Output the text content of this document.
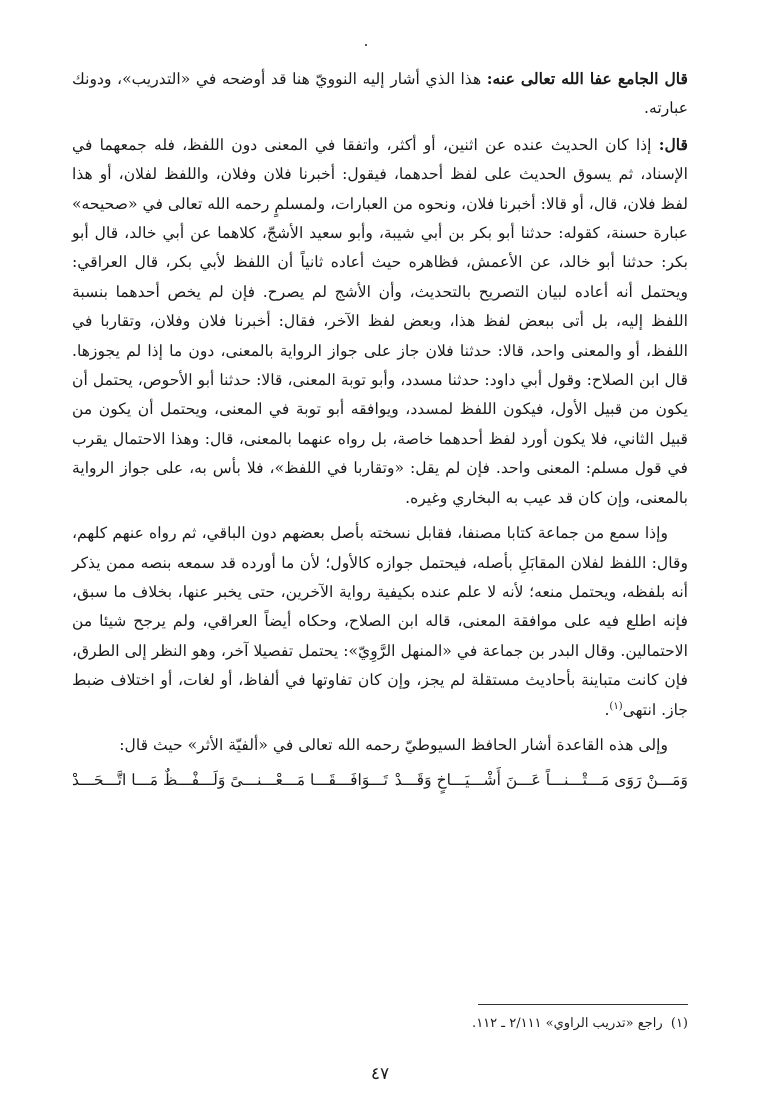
قال الجامع عفا الله تعالى عنه: هذا الذي أشار إليه النوويّ هنا قد أوضحه في «التدريب»، ودونك عبارته.

قال: إذا كان الحديث عنده عن اثنين، أو أكثر، واتفقا في المعنى دون اللفظ، فله جمعهما في الإسناد، ثم يسوق الحديث على لفظ أحدهما، فيقول: أخبرنا فلان وفلان، واللفظ لفلان، أو هذا لفظ فلان، قال، أو قالا: أخبرنا فلان، ونحوه من العبارات، ولمسلمٍ رحمه الله تعالى في «صحيحه» عبارة حسنة، كقوله: حدثنا أبو بكر بن أبي شيبة، وأبو سعيد الأشجّ، كلاهما عن أبي خالد، قال أبو بكر: حدثنا أبو خالد، عن الأعمش، فظاهره حيث أعاده ثانياً أن اللفظ لأبي بكر، قال العراقي: ويحتمل أنه أعاده لبيان التصريح بالتحديث، وأن الأشج لم يصرح. فإن لم يخص أحدهما بنسبة اللفظ إليه، بل أتى ببعض لفظ هذا، وبعض لفظ الآخر، فقال: أخبرنا فلان وفلان، وتقاربا في اللفظ، أو والمعنى واحد، قالا: حدثنا فلان جاز على جواز الرواية بالمعنى، دون ما إذا لم يجوزها. قال ابن الصلاح: وقول أبي داود: حدثنا مسدد، وأبو توبة المعنى، قالا: حدثنا أبو الأحوص، يحتمل أن يكون من قبيل الأول، فيكون اللفظ لمسدد، ويوافقه أبو توبة في المعنى، ويحتمل أن يكون من قبيل الثاني، فلا يكون أورد لفظ أحدهما خاصة، بل رواه عنهما بالمعنى، قال: وهذا الاحتمال يقرب في قول مسلم: المعنى واحد. فإن لم يقل: «وتقاربا في اللفظ»، فلا بأس به، على جواز الرواية بالمعنى، وإن كان قد عيب به البخاري وغيره.

وإذا سمع من جماعة كتابا مصنفا، فقابل نسخته بأصل بعضهم دون الباقي، ثم رواه عنهم كلهم، وقال: اللفظ لفلان المقابَلِ بأصله، فيحتمل جوازه كالأول؛ لأن ما أورده قد سمعه بنصه ممن يذكر أنه بلفظه، ويحتمل منعه؛ لأنه لا علم عنده بكيفية رواية الآخرين، حتى يخبر عنها، بخلاف ما سبق، فإنه اطلع فيه على موافقة المعنى، قاله ابن الصلاح، وحكاه أيضاً العراقي، ولم يرجح شيئا من الاحتمالين. وقال البدر بن جماعة في «المنهل الرَّوِيّ»: يحتمل تفصيلا آخر، وهو النظر إلى الطرق، فإن كانت متباينة بأحاديث مستقلة لم يجز، وإن كان تفاوتها في ألفاظ، أو لغات، أو اختلاف ضبط جاز. انتهى$^{(١)}$.

وإلى هذه القاعدة أشار الحافظ السيوطيّ رحمه الله تعالى في «ألفيّة الأثر» حيث قال:

وَمَـــنْ رَوَى مَـــتْـــنـــاً عَـــنَ أَشْـــيَـــاخٍ وَقَـــدْ
تَـــوَافَـــقَـــا مَـــعْـــنـــىً وَلَـــفْـــظٌ مَـــا اتَّـــحَـــدْ

(١)  راجع «تدريب الراوي» ٢/١١١ ـ ١١٢.

٤٧
